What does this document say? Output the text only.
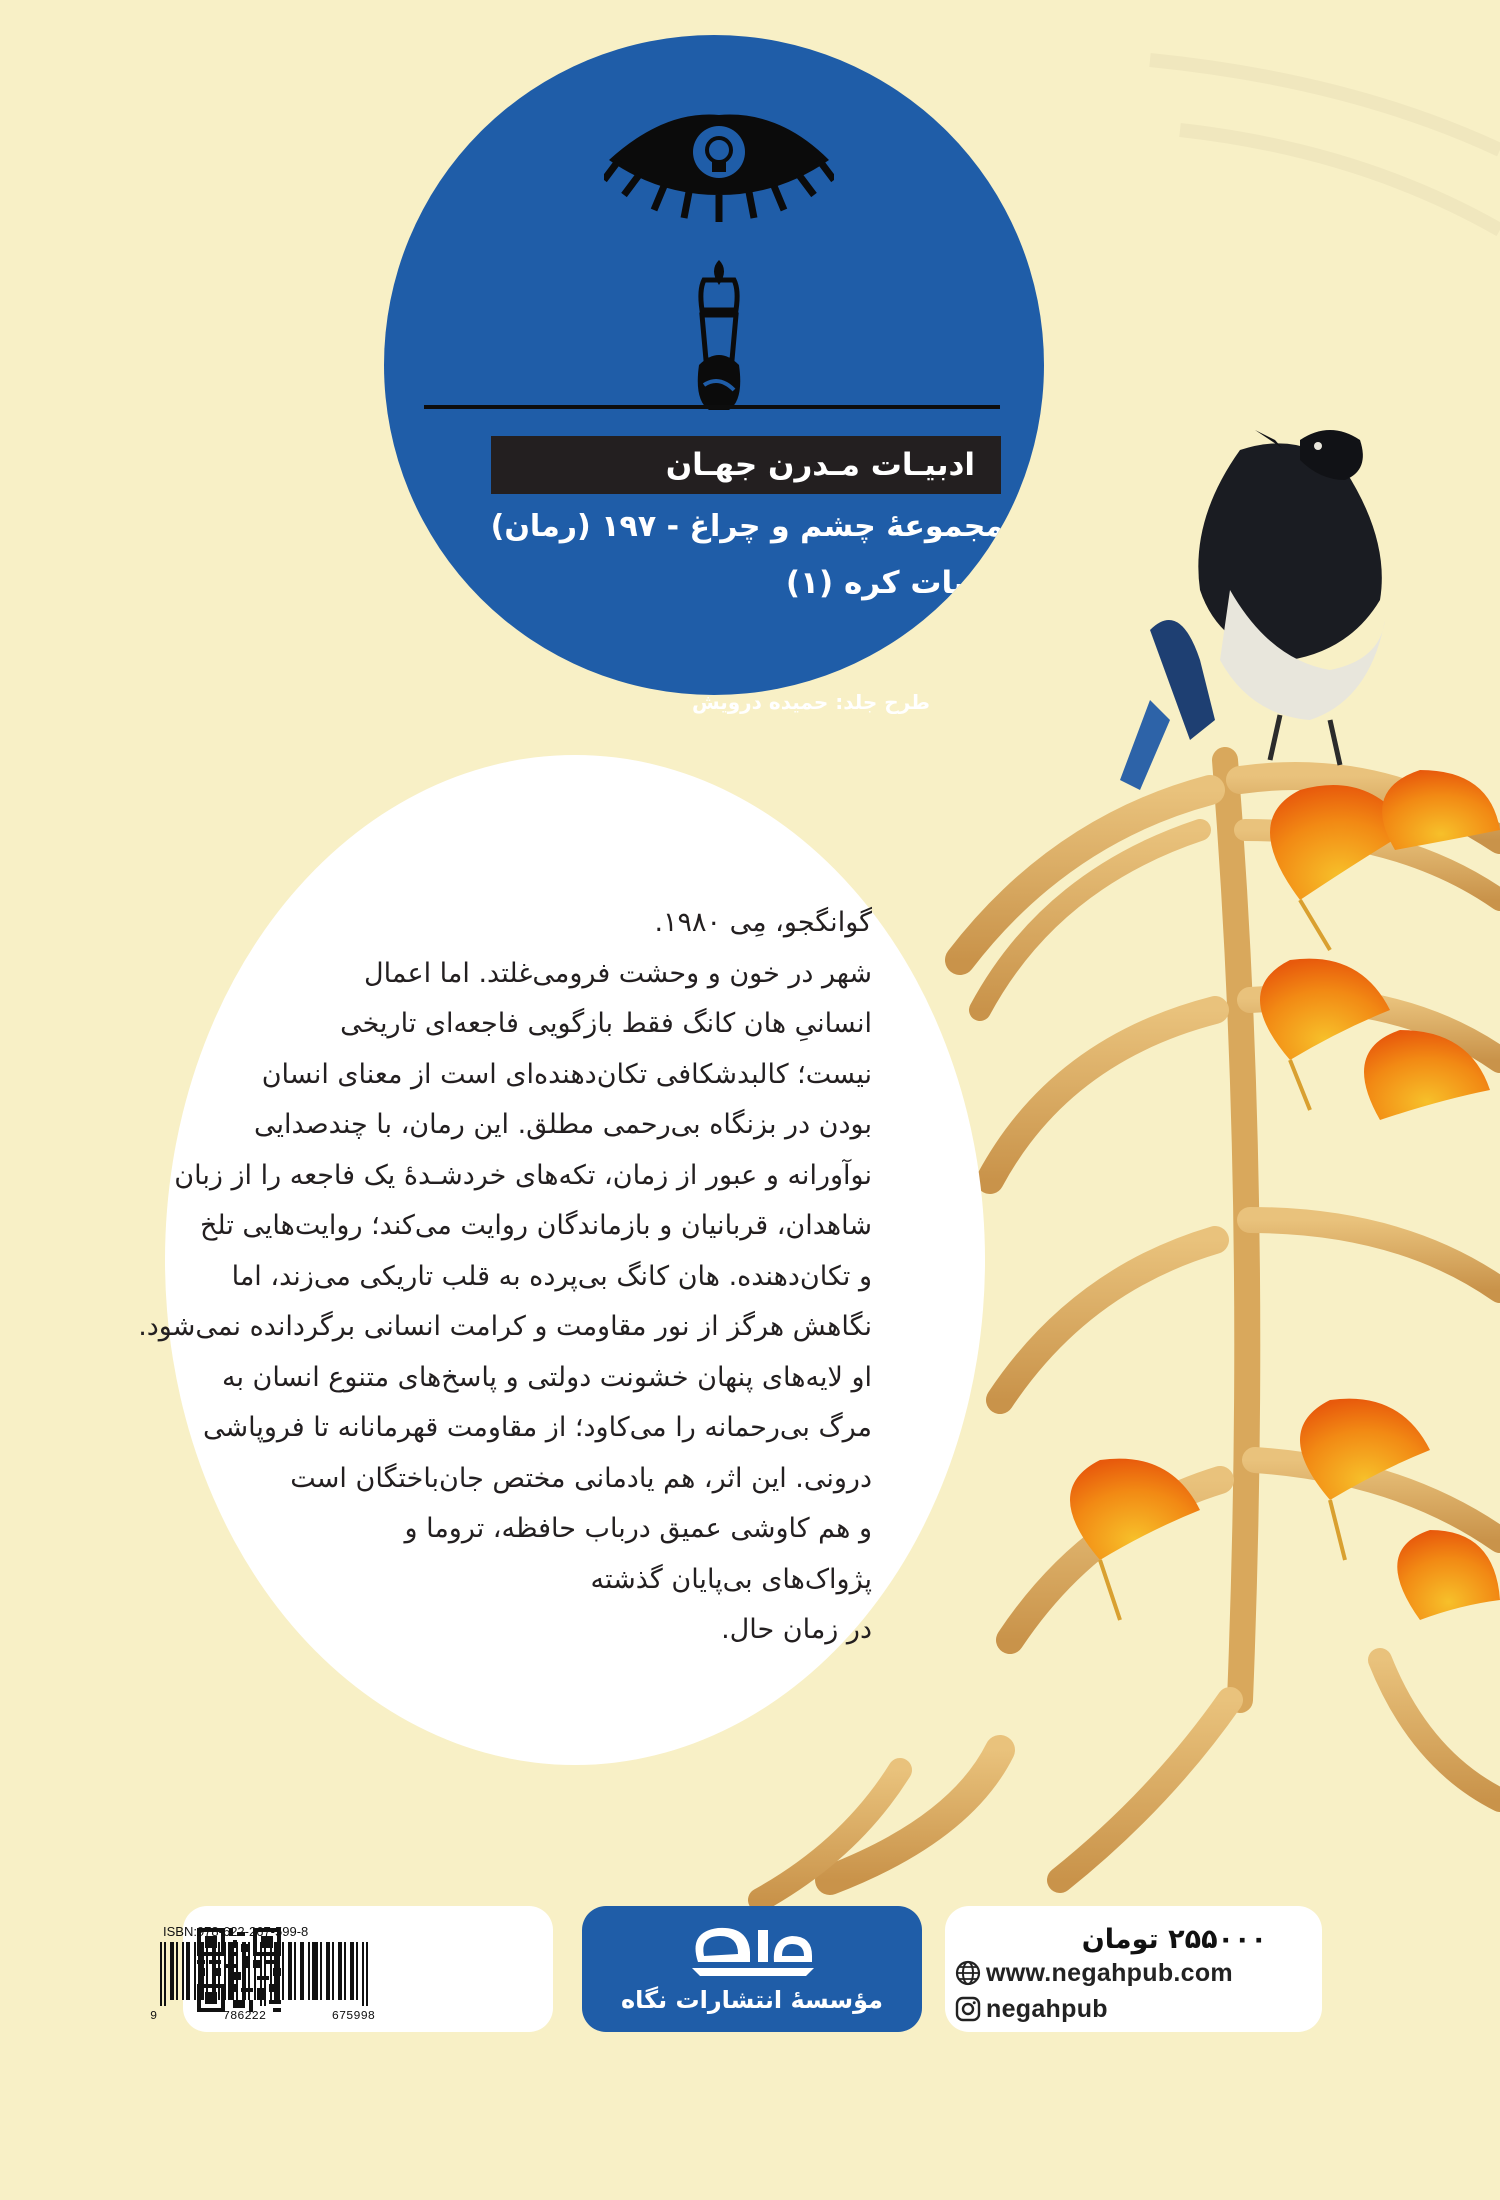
ادبیـات مـدرن جهـان
مجموعهٔ چشم و چراغ - ۱۹۷ (رمان)
ادبیات کره (۱)
طرح جلد: حمیده درویش
گوانگجو، مِی ۱۹۸۰.
شهر در خون و وحشت فرومی‌غلتد. اما اعمال
انسانیِ هان کانگ فقط بازگویی فاجعه‌ای تاریخی
نیست؛ کالبدشکافی تکان‌دهنده‌ای است از معنای انسان
بودن در بزنگاه بی‌رحمی مطلق. این رمان، با چندصدایی
نوآورانه و عبور از زمان، تکه‌های خردشـدهٔ یک فاجعه را از زبان
شاهدان، قربانیان و بازماندگان روایت می‌کند؛ روایت‌هایی تلخ
و تکان‌دهنده. هان کانگ بی‌پرده به قلب تاریکی می‌زند، اما
نگاهش هرگز از نور مقاومت و کرامت انسانی برگردانده نمی‌شود.
او لایه‌های پنهان خشونت دولتی و پاسخ‌های متنوع انسان به
مرگ بی‌رحمانه را می‌کاود؛ از مقاومت قهرمانانه تا فروپاشی
درونی. این اثر، هم یادمانی مختص جان‌باختگان است
و هم کاوشی عمیق درباب حافظه، تروما و
پژواک‌های بی‌پایان گذشته
در زمان حال.
ISBN:978-622-267-599-8
9	786222	675998
مؤسسهٔ انتشارات نگاه
۲۵۵۰۰۰ تومان
www.negahpub.com
negahpub
